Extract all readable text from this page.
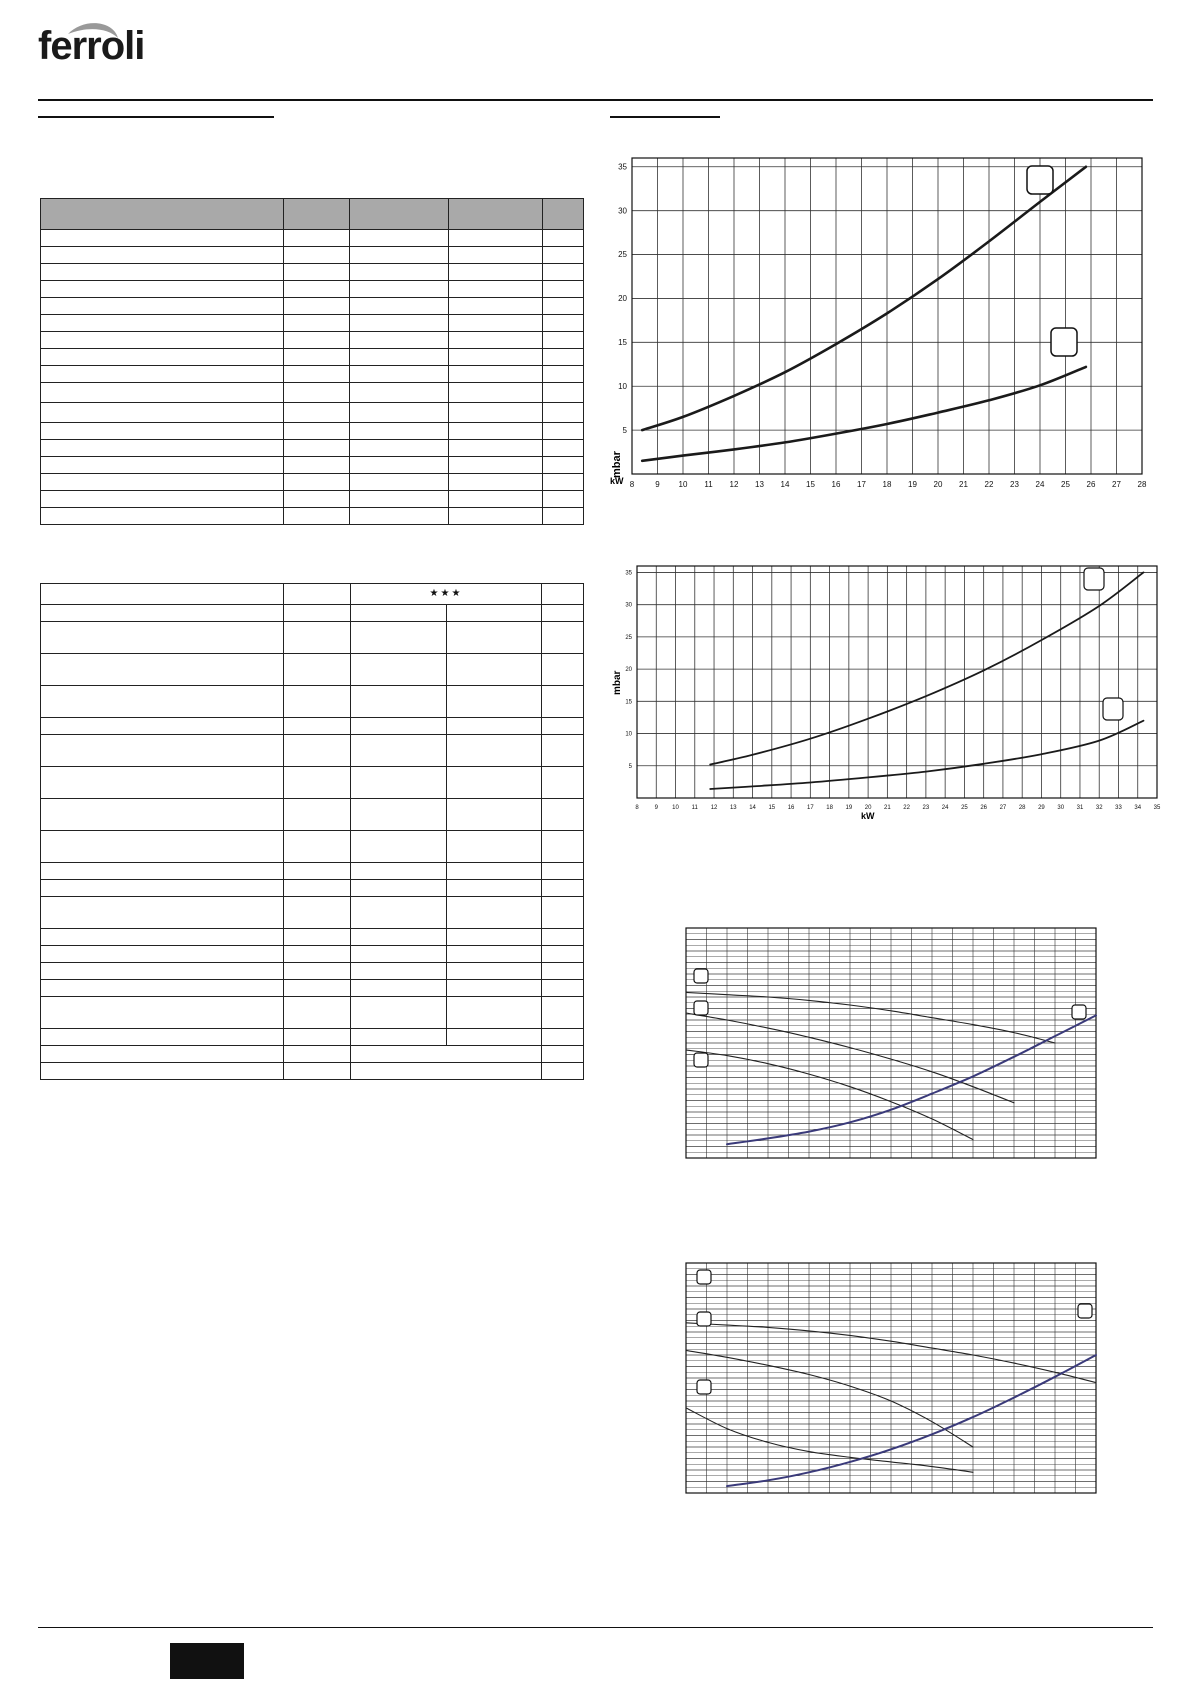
ferroli

		★★★		

8	9 10 11 12 13 14 15 16 17 18 19 20 21 22 23 24 25 26 27 28
5
10
15
20
25
30
35
mbar
kW
8	9 10 11 12 13 14 15 16 17 18 19 20 21 22 23 24 25 26 27 28 29 30 31 32 33 34 35
5
10
15
20
25
30
35
mbar
kW
